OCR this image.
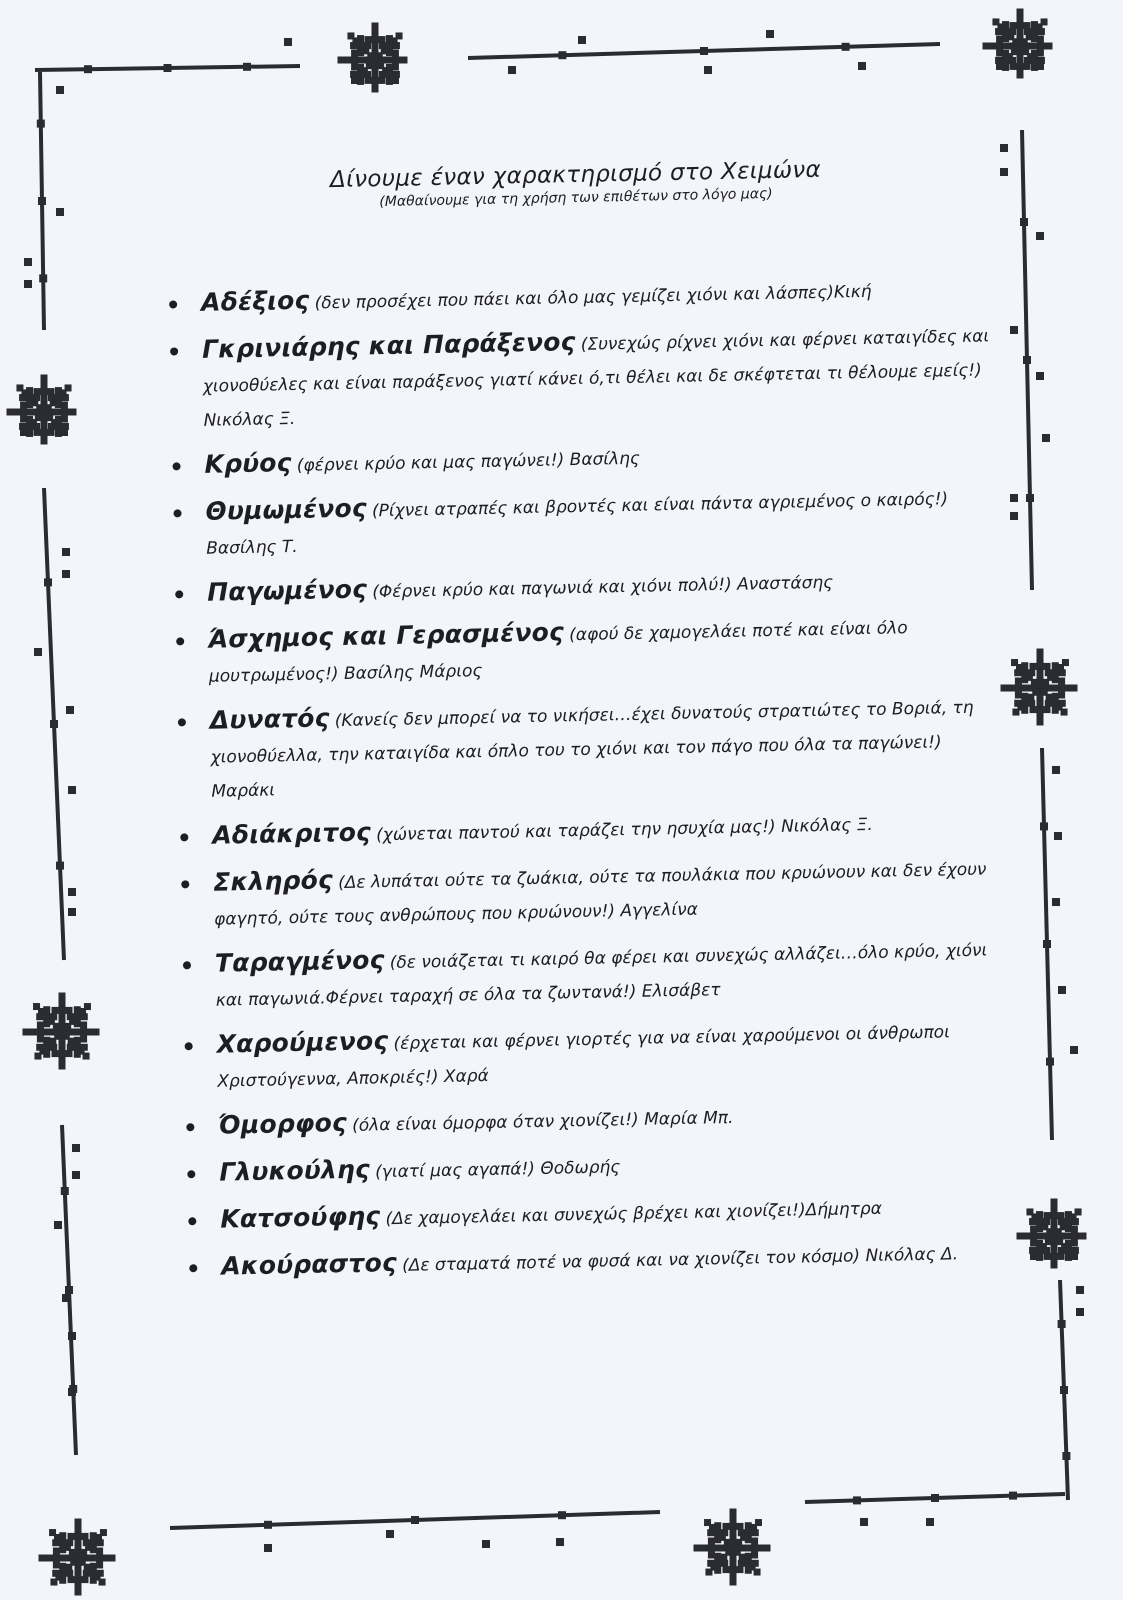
Δίνουμε έναν χαρακτηρισμό στο Χειμώνα
(Μαθαίνουμε για τη χρήση των επιθέτων στο λόγο μας)
Αδέξιος (δεν προσέχει που πάει και όλο μας γεμίζει χιόνι και λάσπες)Κική
Γκρινιάρης και Παράξενος (Συνεχώς ρίχνει χιόνι και φέρνει καταιγίδες και χιονοθύελες και είναι παράξενος γιατί κάνει ό,τι θέλει και δε σκέφτεται τι θέλουμε εμείς!) Νικόλας Ξ.
Κρύος (φέρνει κρύο και μας παγώνει!) Βασίλης
Θυμωμένος (Ρίχνει ατραπές και βροντές και είναι πάντα αγριεμένος ο καιρός!) Βασίλης Τ.
Παγωμένος (Φέρνει κρύο και παγωνιά και χιόνι πολύ!) Αναστάσης
Άσχημος και Γερασμένος (αφού δε χαμογελάει ποτέ και είναι όλο μουτρωμένος!) Βασίλης Μάριος
Δυνατός (Κανείς δεν μπορεί να το νικήσει…έχει δυνατούς στρατιώτες το Βοριά, τη χιονοθύελλα, την καταιγίδα και όπλο του το χιόνι και τον πάγο που όλα τα παγώνει!) Μαράκι
Αδιάκριτος (χώνεται παντού και ταράζει την ησυχία μας!) Νικόλας Ξ.
Σκληρός (Δε λυπάται ούτε τα ζωάκια, ούτε τα πουλάκια που κρυώνουν και δεν έχουν φαγητό, ούτε τους ανθρώπους που κρυώνουν!) Αγγελίνα
Ταραγμένος (δε νοιάζεται τι καιρό θα φέρει και συνεχώς αλλάζει…όλο κρύο, χιόνι και παγωνιά.Φέρνει ταραχή σε όλα τα ζωντανά!) Ελισάβετ
Χαρούμενος (έρχεται και φέρνει γιορτές για να είναι χαρούμενοι οι άνθρωποι Χριστούγεννα, Αποκριές!) Χαρά
Όμορφος (όλα είναι όμορφα όταν χιονίζει!) Μαρία Μπ.
Γλυκούλης (γιατί μας αγαπά!) Θοδωρής
Κατσούφης (Δε χαμογελάει και συνεχώς βρέχει και χιονίζει!)Δήμητρα
Ακούραστος (Δε σταματά ποτέ να φυσά και να χιονίζει τον κόσμο) Νικόλας Δ.
